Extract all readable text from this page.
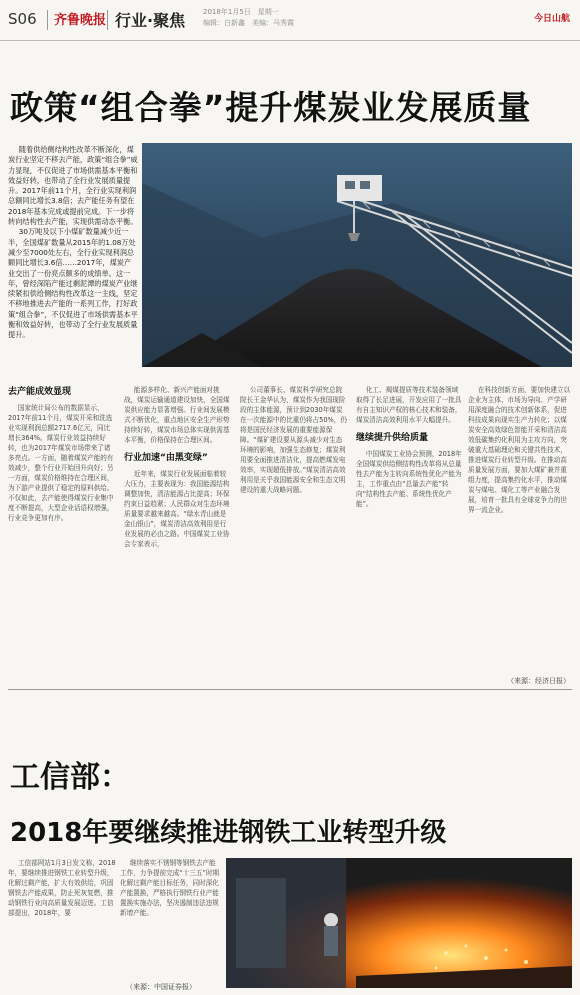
S06 齐鲁晚报 行业·聚焦	2018年1月5日　星期一
编辑：白新鑫　美编：马秀霞	今日山航
政策“组合拳”提升煤炭业发展质量

随着供给侧结构性改革不断深化，煤炭行业坚定不移去产能，政策“组合拳”威力显现，不仅促进了市场供需基本平衡和效益好转，也带动了全行业发展质量提升。2017年前11个月，全行业实现利润总额同比增长3.8倍；去产能任务有望在2018年基本完成或提前完成。下一步将转向结构性去产能，实现供需动态平衡。

30万吨及以下小煤矿数量减少近一半，全国煤矿数量从2015年的1.08万处减少至7000处左右，全行业实现利润总额同比增长3.6倍……2017年，煤炭产业交出了一份亮点颇多的成绩单。这一年，曾经深陷产能过剩泥潭的煤炭产业继续紧扣供给侧结构性改革这一主线，坚定不移地推进去产能的一系列工作，打好政策“组合拳”，不仅促进了市场供需基本平衡和效益好转，也带动了全行业发展质量提升。

去产能成效显现

国家统计局公布的数据显示，2017年前11个月，煤炭开采和洗选业实现利润总额2717.6亿元，同比增长364%。煤炭行业效益持续好转，也为2017年煤炭市场带来了诸多亮点。一方面，随着煤炭产能的有效减少，整个行业开始回升向好；另一方面，煤炭价格维持在合理区间，为下游产业提供了稳定的原料供给。不仅如此，去产能使得煤炭行业集中度不断提高，大型企业话语权增强，行业竞争更加有序。

能源多样化、新兴产能面对挑战，煤炭运输通道建设加快，全国煤炭供应能力显著增强。行业间发展模式不断优化，重点地区安全生产形势持续好转，煤炭市场总体实现供需基本平衡，价格保持在合理区间。

行业加速“由黑变绿”

近年来，煤炭行业发展面临着较大压力，主要表现为：我国能源结构调整加快，清洁能源占比提高；环保约束日益趋紧；人民群众对生态环境质量要求越来越高。“绿水青山就是金山银山”，煤炭清洁高效利用是行业发展的必由之路。中国煤炭工业协会专家表示，

公司董事长、煤炭科学研究总院院长王金华认为，煤炭作为我国现阶段的主体能源，预计到2030年煤炭在一次能源中的比重仍将占50%，仍将是国民经济发展的重要能源保障。“煤矿建设要从源头减少对生态环境的影响，加强生态修复；煤炭利用要全面推进清洁化，提高燃煤发电效率，实现超低排放。”煤炭清洁高效利用是关乎我国能源安全和生态文明建设的重大战略问题。

化工、褐煤提质等技术装备领域取得了长足进展，开发应用了一批具有自主知识产权的核心技术和装备，煤炭清洁高效利用水平大幅提升。

继续提升供给质量

中国煤炭工业协会预测，2018年全国煤炭供给侧结构性改革将从总量性去产能为主转向系统性优化产能为主，工作重点由“总量去产能”转向“结构性去产能、系统性优化产能”。

在科技创新方面，要加快建立以企业为主体、市场为导向、产学研用深度融合的技术创新体系，促进科技成果向现实生产力转化；以煤炭安全高效绿色智能开采和清洁高效低碳集约化利用为主攻方向，突破重大基础理论和关键共性技术，推进煤炭行业转型升级。在推动高质量发展方面，要加大煤矿兼并重组力度，提高集约化水平，推动煤炭与煤电、煤化工等产业融合发展，培育一批具有全球竞争力的世界一流企业。

（来源：经济日报）
工信部：
2018年要继续推进钢铁工业转型升级

工信部网站1月3日发文称，2018年，要继续推进钢铁工业转型升级，化解过剩产能，扩大有效供给，巩固钢铁去产能成果，防止死灰复燃，推动钢铁行业向高质量发展迈进。工信部提出，2018年，要

继续落实不锈钢等钢铁去产能工作，力争提前完成“十三五”时期化解过剩产能目标任务，同时深化产能置换，严格执行钢铁行业产能置换实施办法，坚决遏制违法违规新增产能。

（来源：中国证券报）
